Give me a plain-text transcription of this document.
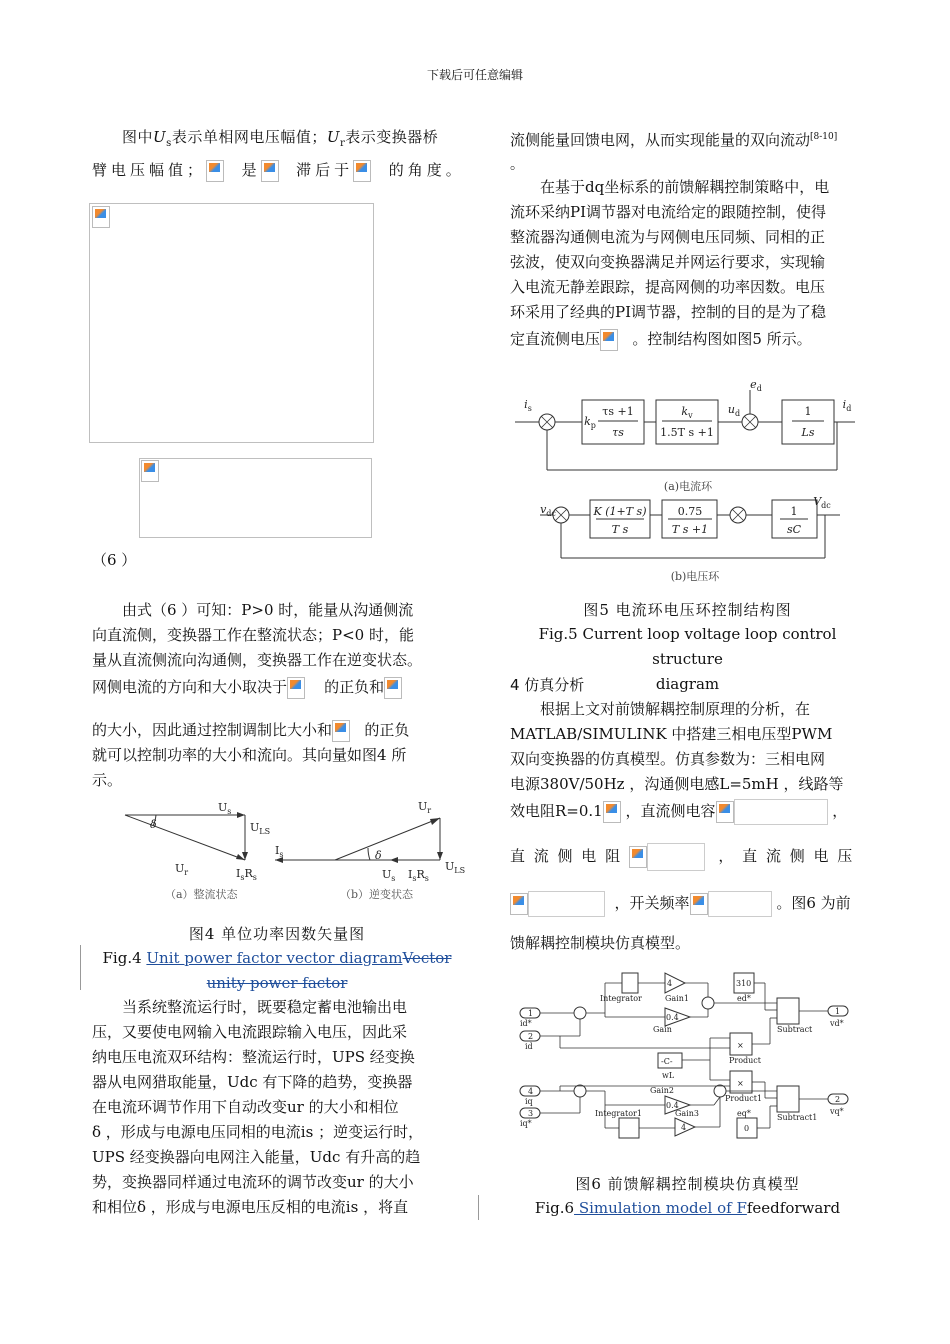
下载后可任意编辑
图中$U_s$表示单相网电压幅值；$U_r$表示变换器桥
臂电压幅值； 是 滞后于 的角度。
（6 ）
由式（6 ）可知：P>0 时，能量从沟通侧流
向直流侧，变换器工作在整流状态；P<0 时，能
量从直流侧流向沟通侧，变换器工作在逆变状态。
网侧电流的方向和大小取决于 的正负和
的大小，因此通过控制调制比大小和 的正负
就可以控制功率的大小和流向。其向量如图4 所
示。
$U_s$
$U_{LS}$
δ
$U_r$	$I_sR_s$
$U_r$
δ
$I_s$
$U_{LS}$
$U_s$ $I_sR_s$
（a）整流状态	（b）逆变状态
图4 单位功率因数矢量图
Fig.4 Unit power factor vector diagramVector unity power factor
当系统整流运行时，既要稳定蓄电池输出电
压，又要使电网输入电流跟踪输入电压，因此采
纳电压电流双环结构：整流运行时，UPS 经变换
器从电网猎取能量，Udc 有下降的趋势，变换器
在电流环调节作用下自动改变ur 的大小和相位
δ ，形成与电源电压同相的电流is ；逆变运行时，
UPS 经变换器向电网注入能量，Udc 有升高的趋
势，变换器同样通过电流环的调节改变ur 的大小
和相位δ ，形成与电源电压反相的电流is ，将直
流侧能量回馈电网，从而实现能量的双向流动[8-10]
。
在基于dq坐标系的前馈解耦控制策略中，电
流环采纳PI调节器对电流给定的跟随控制，使得
整流器沟通侧电流为与网侧电压同频、同相的正
弦波，使双向变换器满足并网运行要求，实现输
入电流无静差跟踪，提高网侧的功率因数。电压
环采用了经典的PI调节器，控制的目的是为了稳
定直流侧电压 。控制结构图如图5 所示。
$i_s$
$k_p$
τs +1
τs
$k_v$
1.5T s +1
$u_d$
$e_d$
1
Ls
$i_d$
(a)电流环
$v_{dc}$	K (1+T s)
T s
0.75
T s +1
1
sC
$V_{dc}$
(b)电压环
图5 电流环电压环控制结构图
Fig.5 Current loop voltage loop control structure
diagram
4 仿真分析
根据上文对前馈解耦控制原理的分析，在
MATLAB/SIMULINK 中搭建三相电压型PWM
双向变换器的仿真模型。仿真参数为：三相电网
电源380V/50Hz ，沟通侧电感L=5mH ，线路等
效电阻R=0.1 ，直流侧电容	，
直 流 侧 电 阻	， 直 流 侧 电 压
，开关频率	。图6 为前
馈解耦控制模块仿真模型。
1
id*
2
id
4
iq
3
iq*
Integrator
4
Gain1
0.4
Gain
310
ed*
Subtract
1
vd*
-C-
wL
×
Product
×
Product1
Gain2
0.4
Integrator1
4
Gain3	eq*
0
Subtract1
2
vq*
图6 前馈解耦控制模块仿真模型
Fig.6 Simulation model of Ffeedforward
